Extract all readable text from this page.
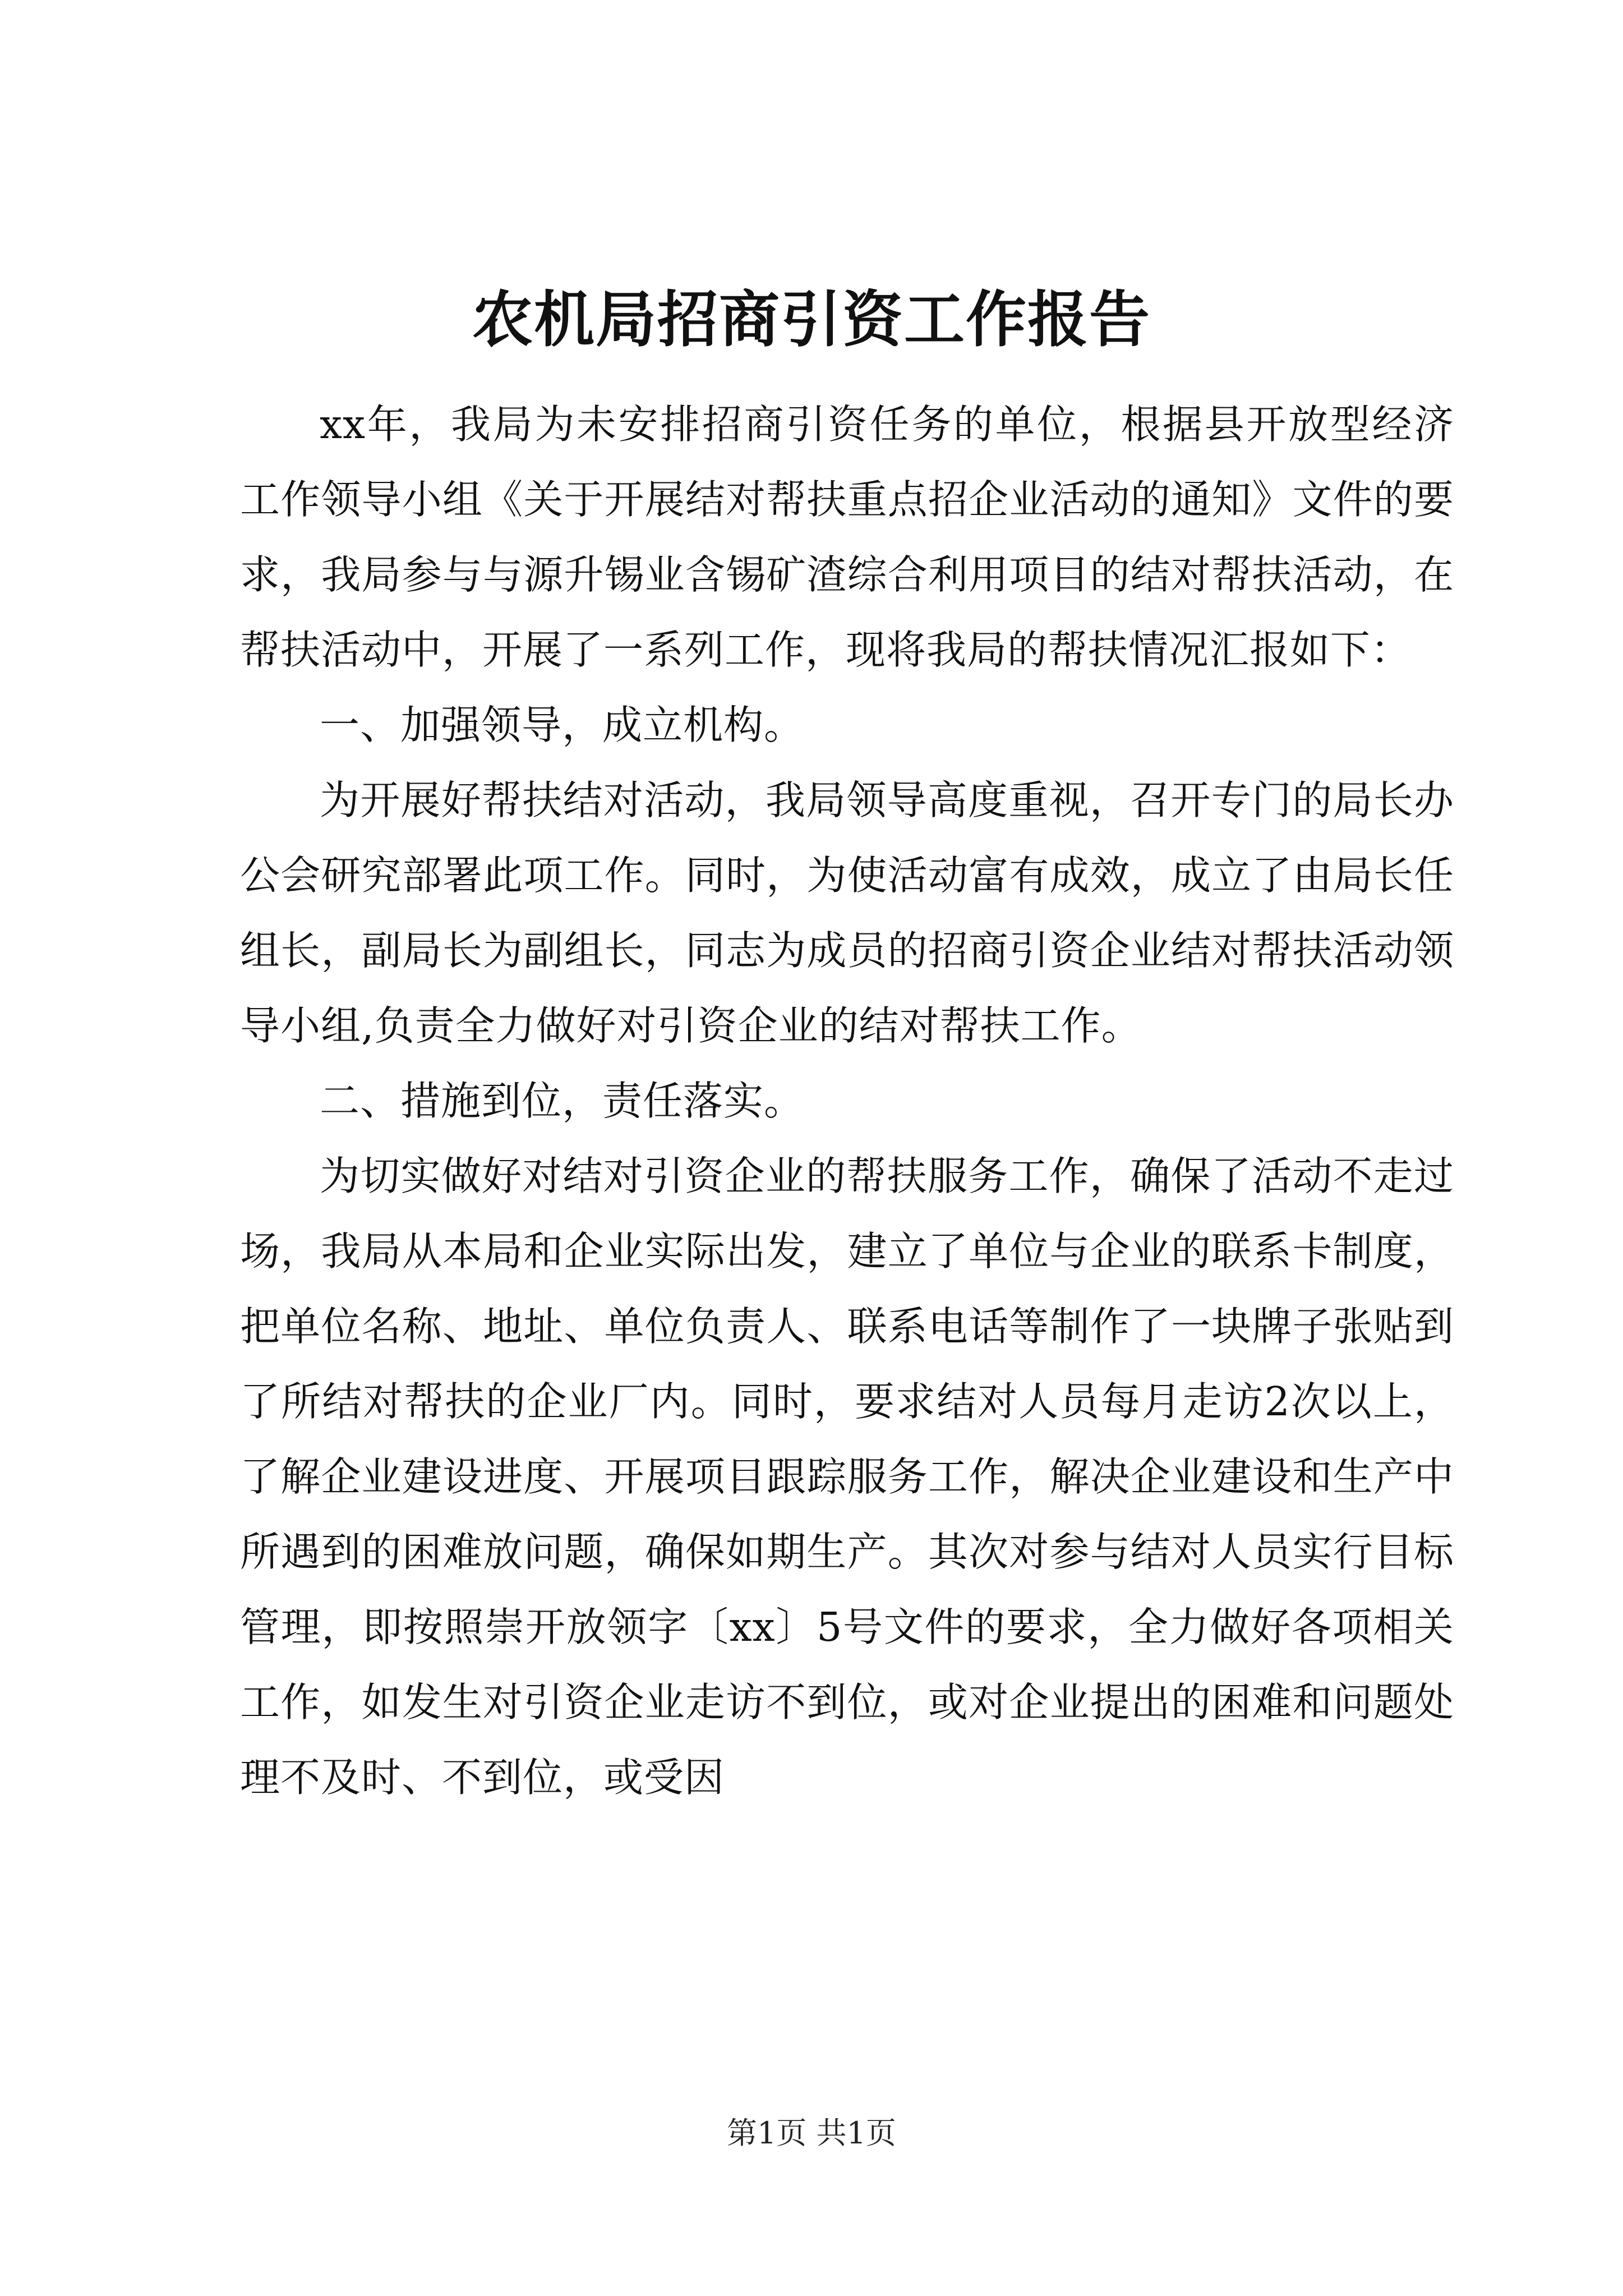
农机局招商引资工作报告

xx年，我局为未安排招商引资任务的单位，根据县开放型经济工作领导小组《关于开展结对帮扶重点招企业活动的通知》文件的要求，我局参与与源升锡业含锡矿渣综合利用项目的结对帮扶活动，在帮扶活动中，开展了一系列工作，现将我局的帮扶情况汇报如下：

一、加强领导，成立机构。

为开展好帮扶结对活动，我局领导高度重视，召开专门的局长办公会研究部署此项工作。同时，为使活动富有成效，成立了由局长任组长，副局长为副组长，同志为成员的招商引资企业结对帮扶活动领导小组,负责全力做好对引资企业的结对帮扶工作。

二、措施到位，责任落实。

为切实做好对结对引资企业的帮扶服务工作，确保了活动不走过场，我局从本局和企业实际出发，建立了单位与企业的联系卡制度，把单位名称、地址、单位负责人、联系电话等制作了一块牌子张贴到了所结对帮扶的企业厂内。同时，要求结对人员每月走访2次以上，了解企业建设进度、开展项目跟踪服务工作，解决企业建设和生产中所遇到的困难放问题，确保如期生产。其次对参与结对人员实行目标管理，即按照崇开放领字〔xx〕5号文件的要求，全力做好各项相关工作，如发生对引资企业走访不到位，或对企业提出的困难和问题处理不及时、不到位，或受因

第1页 共1页
